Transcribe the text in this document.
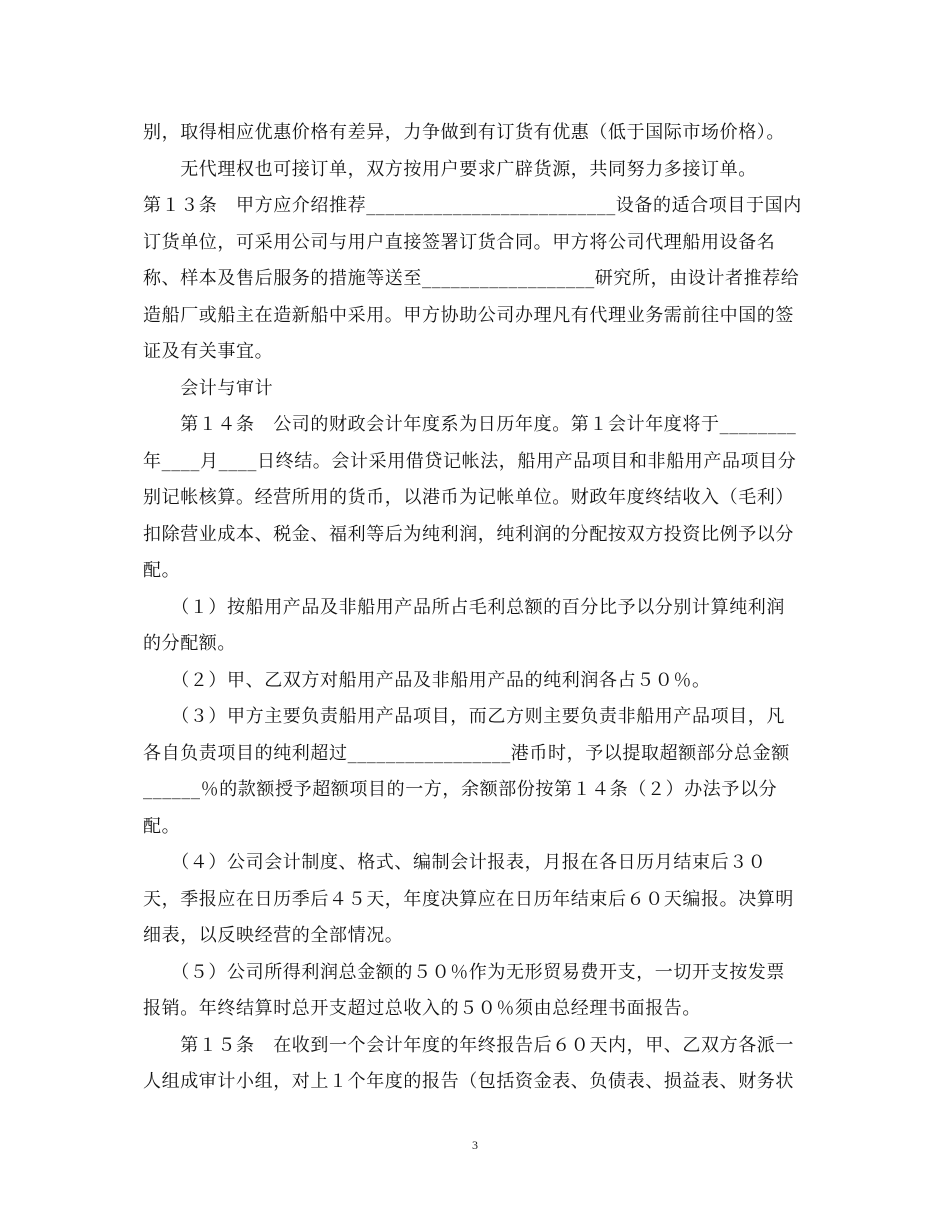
别，取得相应优惠价格有差异，力争做到有订货有优惠（低于国际市场价格）。
　　无代理权也可接订单，双方按用户要求广辟货源，共同努力多接订单。
第１３条　甲方应介绍推荐__________________________设备的适合项目于国内
订货单位，可采用公司与用户直接签署订货合同。甲方将公司代理船用设备名
称、样本及售后服务的措施等送至__________________研究所，由设计者推荐给
造船厂或船主在造新船中采用。甲方协助公司办理凡有代理业务需前往中国的签
证及有关事宜。
　　会计与审计
　　第１４条　公司的财政会计年度系为日历年度。第１会计年度将于________
年____月____日终结。会计采用借贷记帐法，船用产品项目和非船用产品项目分
别记帐核算。经营所用的货币，以港币为记帐单位。财政年度终结收入（毛利）
扣除营业成本、税金、福利等后为纯利润，纯利润的分配按双方投资比例予以分
配。
　　（１）按船用产品及非船用产品所占毛利总额的百分比予以分别计算纯利润
的分配额。
　　（２）甲、乙双方对船用产品及非船用产品的纯利润各占５０％。
　　（３）甲方主要负责船用产品项目，而乙方则主要负责非船用产品项目，凡
各自负责项目的纯利超过_________________港币时，予以提取超额部分总金额
______％的款额授予超额项目的一方，余额部份按第１４条（２）办法予以分
配。
　　（４）公司会计制度、格式、编制会计报表，月报在各日历月结束后３０
天，季报应在日历季后４５天，年度决算应在日历年结束后６０天编报。决算明
细表，以反映经营的全部情况。
　　（５）公司所得利润总金额的５０％作为无形贸易费开支，一切开支按发票
报销。年终结算时总开支超过总收入的５０％须由总经理书面报告。
　　第１５条　在收到一个会计年度的年终报告后６０天内，甲、乙双方各派一
人组成审计小组，对上１个年度的报告（包括资金表、负债表、损益表、财务状
3
